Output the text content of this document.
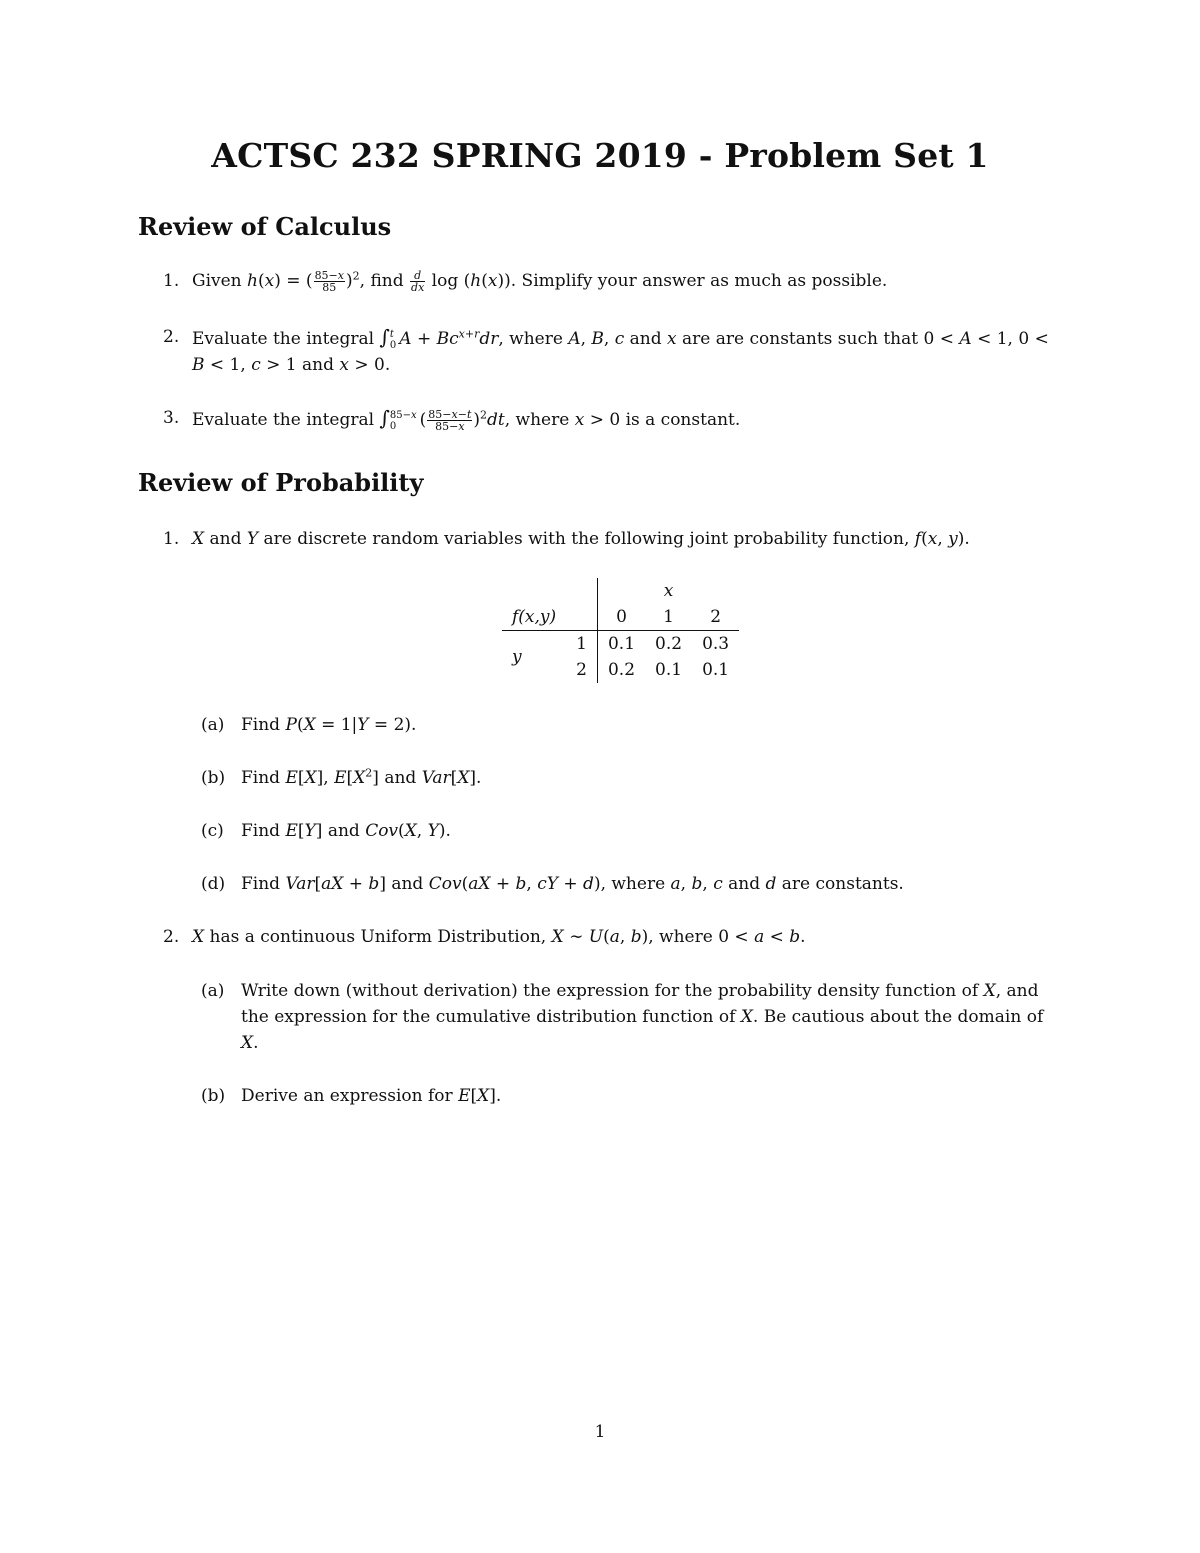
ACTSC 232 SPRING 2019 - Problem Set 1
Review of Calculus
1. Given h(x) = ( $\frac{85-x}{85} )^2$, find $\frac{d}{dx}$ log (h(x)). Simplify your answer as much as possible.
2. Evaluate the integral ∫ t
0 $A + Bc^{x+r}dr$, where A, B, c and x are are constants such that 0 < A < 1, 0 < B < 1, c > 1 and x > 0.
3. Evaluate the integral ∫ 85−x
0	( $\frac{85-x-t}{85-x} )^2dt$, where x > 0 is a constant.
Review of Probability
1. X and Y are discrete random variables with the following joint probability function, f(x, y).
			x	
f(x,y)		0	1	2
y	1	0.1	0.2	0.3
	2	0.2	0.1	0.1
(a) Find P(X = 1|Y = 2).
(b) Find E[X], $E[X^2]$ and Var[X].
(c)	Find E[Y] and Cov(X, Y).
(d) Find Var[aX + b] and Cov(aX + b, cY + d), where a, b, c and d are constants.
2. X has a continuous Uniform Distribution, X ∼ U(a, b), where 0 < a < b.
(a) Write down (without derivation) the expression for the probability density function of X, and the expression for the cumulative distribution function of X. Be cautious about the domain of X.
(b) Derive an expression for E[X].
1
